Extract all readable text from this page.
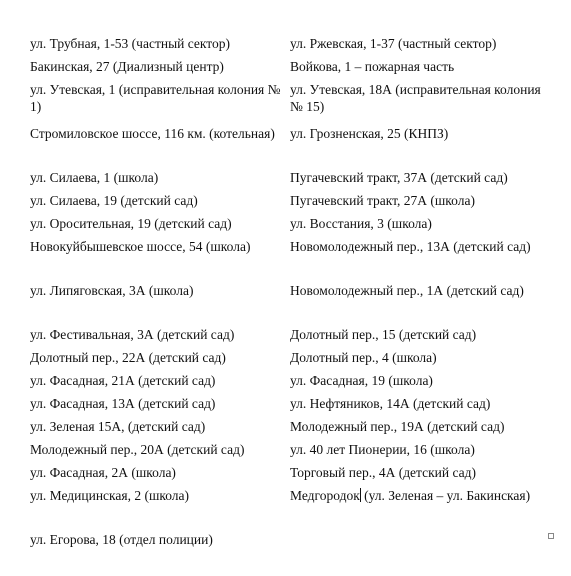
ул. Трубная, 1-53 (частный сектор)	ул. Ржевская, 1-37 (частный сектор)
Бакинская, 27 (Диализный центр)	Войкова, 1 – пожарная часть
ул. Утевская, 1 (исправительная колония № 1)	ул. Утевская, 18А (исправительная колония № 15)
Стромиловское шоссе, 116 км. (котельная)	ул. Грозненская, 25 (КНПЗ)
ул. Силаева, 1 (школа)	Пугачевский тракт, 37А (детский сад)
ул. Силаева, 19 (детский сад)	Пугачевский тракт, 27А (школа)
ул. Оросительная, 19 (детский сад)	ул. Восстания, 3 (школа)
Новокуйбышевское шоссе, 54 (школа)	Новомолодежный пер., 13А (детский сад)
ул. Липяговская, 3А (школа)	Новомолодежный пер., 1А (детский сад)
ул. Фестивальная, 3А (детский сад)	Долотный пер., 15 (детский сад)
Долотный пер., 22А (детский сад)	Долотный пер., 4 (школа)
ул. Фасадная, 21А (детский сад)	ул. Фасадная, 19 (школа)
ул. Фасадная, 13А (детский сад)	ул. Нефтяников, 14А (детский сад)
ул. Зеленая 15А, (детский сад)	Молодежный пер., 19А (детский сад)
Молодежный пер., 20А (детский сад)	ул. 40 лет Пионерии, 16 (школа)
ул. Фасадная, 2А (школа)	Торговый пер., 4А (детский сад)
ул. Медицинская, 2 (школа)	Медгородок (ул. Зеленая – ул. Бакинская)
ул. Егорова, 18 (отдел полиции)	
